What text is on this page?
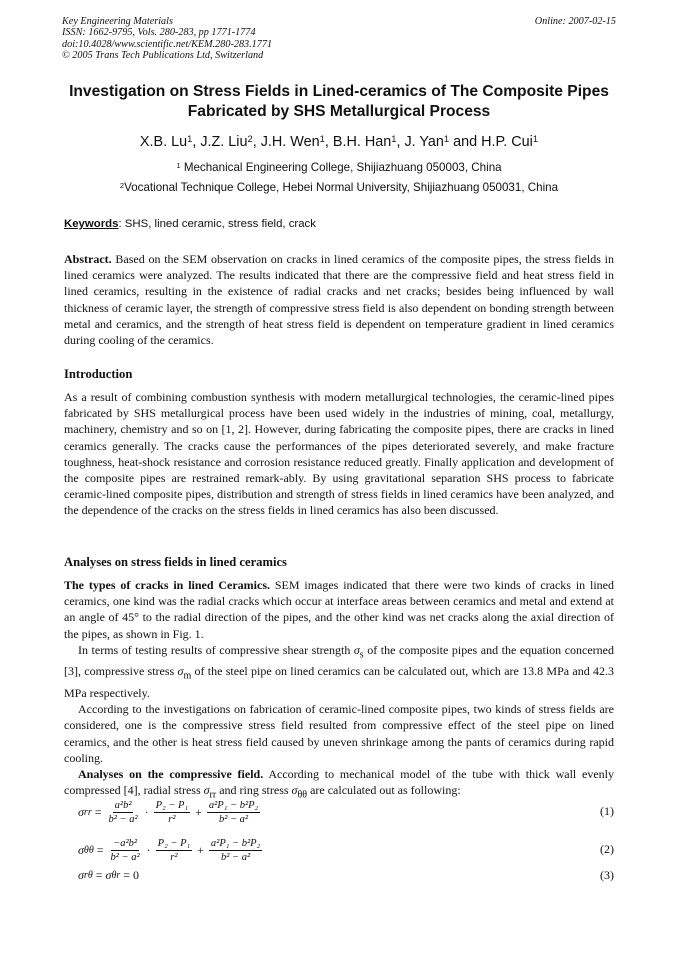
Key Engineering Materials
ISSN: 1662-9795, Vols. 280-283, pp 1771-1774
doi:10.4028/www.scientific.net/KEM.280-283.1771
© 2005 Trans Tech Publications Ltd, Switzerland
Online: 2007-02-15
Investigation on Stress Fields in Lined-ceramics of The Composite Pipes Fabricated by SHS Metallurgical Process
X.B. Lu$^1$, J.Z. Liu$^2$, J.H. Wen$^1$, B.H. Han$^1$, J. Yan$^1$ and H.P. Cui$^1$
$^1$ Mechanical Engineering College, Shijiazhuang 050003, China
$^2$Vocational Technique College, Hebei Normal University, Shijiazhuang 050031, China
Keywords: SHS, lined ceramic, stress field, crack

Abstract. Based on the SEM observation on cracks in lined ceramics of the composite pipes, the stress fields in lined ceramics were analyzed. The results indicated that there are the compressive field and heat stress field in lined ceramics, resulting in the existence of radial cracks and net cracks; besides being influenced by wall thickness of ceramic layer, the strength of compressive stress field is also dependent on bonding strength between metal and ceramics, and the strength of heat stress field is dependent on temperature gradient in lined ceramics during cooling of the ceramics.

Introduction

As a result of combining combustion synthesis with modern metallurgical technologies, the ceramic-lined pipes fabricated by SHS metallurgical process have been used widely in the industries of mining, coal, metallurgy, machinery, chemistry and so on [1, 2]. However, during fabricating the composite pipes, there are cracks in lined ceramics generally. The cracks cause the performances of the pipes deteriorated severely, and make fracture toughness, heat-shock resistance and corrosion resistance reduced greatly. Finally application and development of the composite pipes are restrained remark-ably. By using gravitational separation SHS process to fabricate ceramic-lined composite pipes, distribution and strength of stress fields in lined ceramics have been analyzed, and the dependence of the cracks on the stress fields in lined ceramics has also been discussed.

Analyses on stress fields in lined ceramics

The types of cracks in lined Ceramics. SEM images indicated that there were two kinds of cracks in lined ceramics, one kind was the radial cracks which occur at interface areas between ceramics and metal and extend at an angle of 45° to the radial direction of the pipes, and the other kind was net cracks along the axial direction of the pipes, as shown in Fig. 1.

In terms of testing results of compressive shear strength $\sigma_s$ of the composite pipes and the equation concerned [3], compressive stress $\sigma_m$ of the steel pipe on lined ceramics can be calculated out, which are 13.8 MPa and 42.3 MPa respectively.

According to the investigations on fabrication of ceramic-lined composite pipes, two kinds of stress fields are considered, one is the compressive stress field resulted from compressive effect of the steel pipe on lined ceramics, and the other is heat stress field caused by uneven shrinkage among the pants of ceramics during rapid cooling.

Analyses on the compressive field. According to mechanical model of the tube with thick wall evenly compressed [4], radial stress $\sigma_{rr}$ and ring stress $\sigma_{\theta\theta}$ are calculated out as following:

σ rr = $\frac{\text{a²b²}}{\text{b² − a²}} \cdot \frac{\text{P₂ − P₁}}{\text{r²}} + \frac{\text{a²P₁ − b²P₂}}{\text{b² − a²}}$	(1)
σ $\theta\theta = \frac{\text{−a²b²}}{\text{b² − a²}} \cdot \frac{\text{P₂ − P₁}}{\text{r²}} + \frac{\text{a²P₁ − b²P₂}}{\text{b² − a²}}$	(2)
σ rθ = σ θr = 0	(3)
